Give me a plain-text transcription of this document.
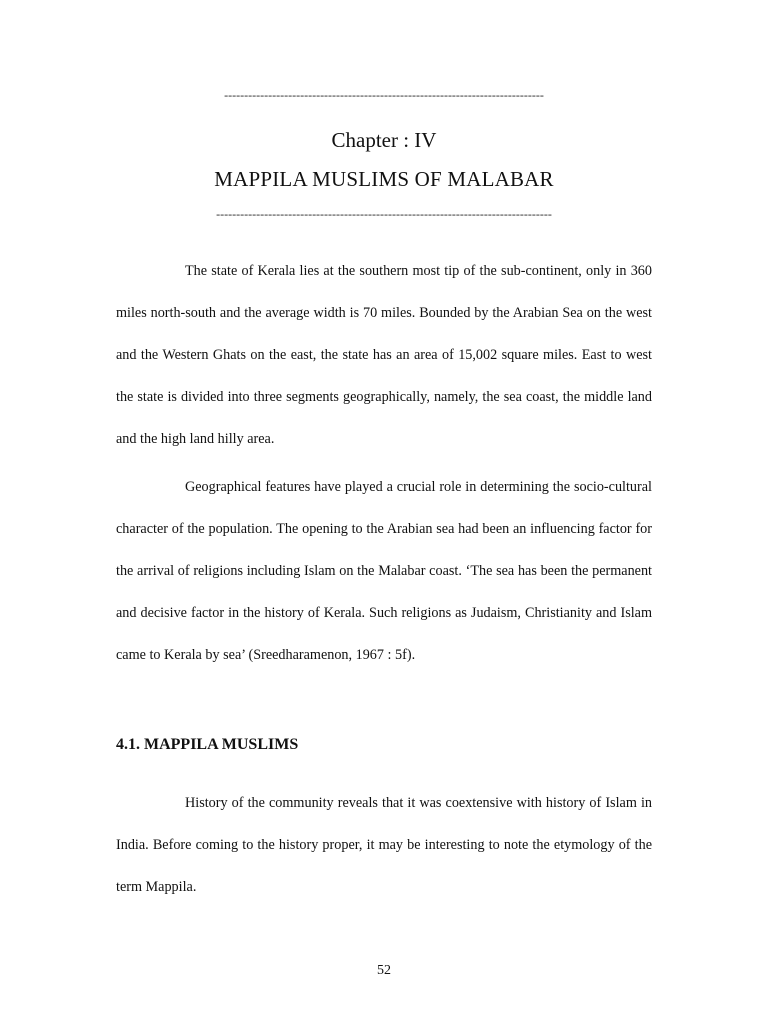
--------------------------------------------------------------------------------
Chapter : IV
MAPPILA MUSLIMS OF MALABAR
------------------------------------------------------------------------------------

The state of Kerala lies at the southern most tip of the sub-continent, only in 360 miles north-south and the average width is 70 miles. Bounded by the Arabian Sea on the west and the Western Ghats on the east, the state has an area of 15,002 square miles. East to west the state is divided into three segments geographically, namely, the sea coast, the middle land and the high land hilly area.

Geographical features have played a crucial role in determining the socio-cultural character of the population. The opening to the Arabian sea had been an influencing factor for the arrival of religions including Islam on the Malabar coast. ‘The sea has been the permanent and decisive factor in the history of Kerala. Such religions as Judaism, Christianity and Islam came to Kerala by sea’ (Sreedharamenon, 1967 : 5f).

4.1. MAPPILA MUSLIMS

History of the community reveals that it was coextensive with history of Islam in India. Before coming to the history proper, it may be interesting to note the etymology of the term Mappila.

52
